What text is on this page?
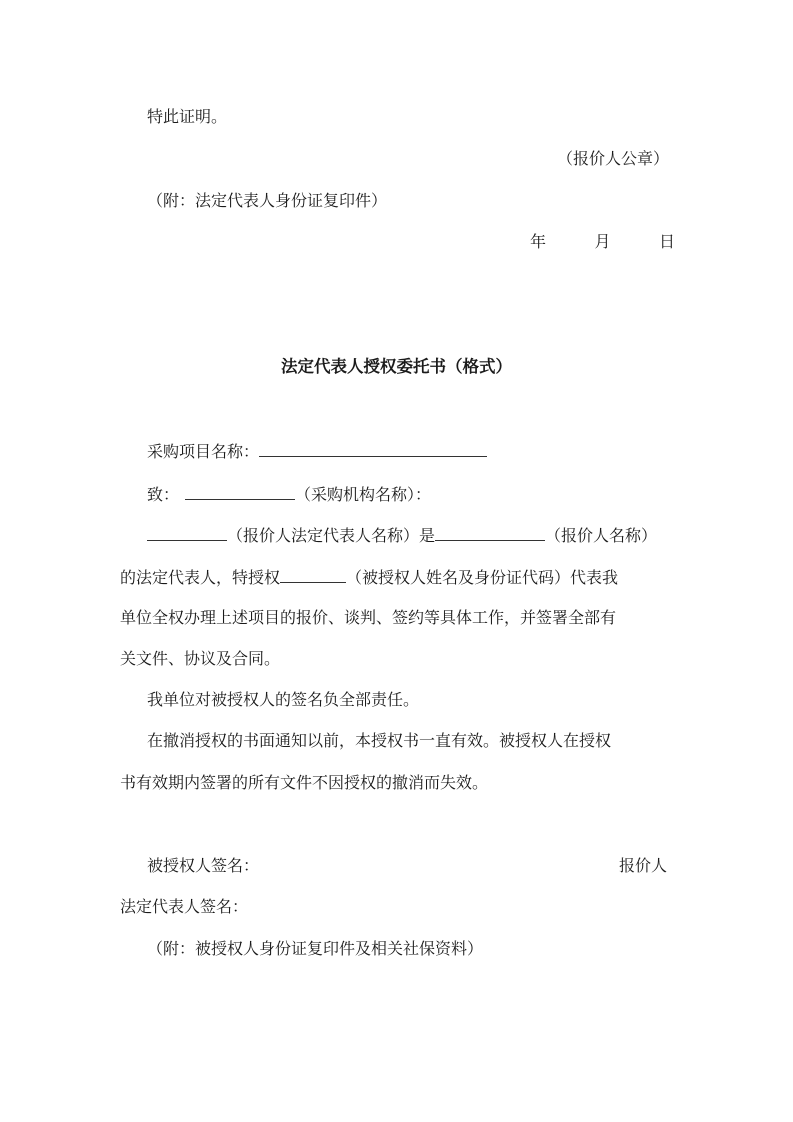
特此证明。

（报价人公章）

（附：法定代表人身份证复印件）

年	月	日
法定代表人授权委托书（格式）

采购项目名称：

致：	（采购机构名称）：

（报价人法定代表人名称）是	（报价人名称）

的法定代表人，特授权	（被授权人姓名及身份证代码）代表我

单位全权办理上述项目的报价、谈判、签约等具体工作，并签署全部有

关文件、协议及合同。

我单位对被授权人的签名负全部责任。

在撤消授权的书面通知以前，本授权书一直有效。被授权人在授权

书有效期内签署的所有文件不因授权的撤消而失效。

被授权人签名：	报价人

法定代表人签名：

（附：被授权人身份证复印件及相关社保资料）
